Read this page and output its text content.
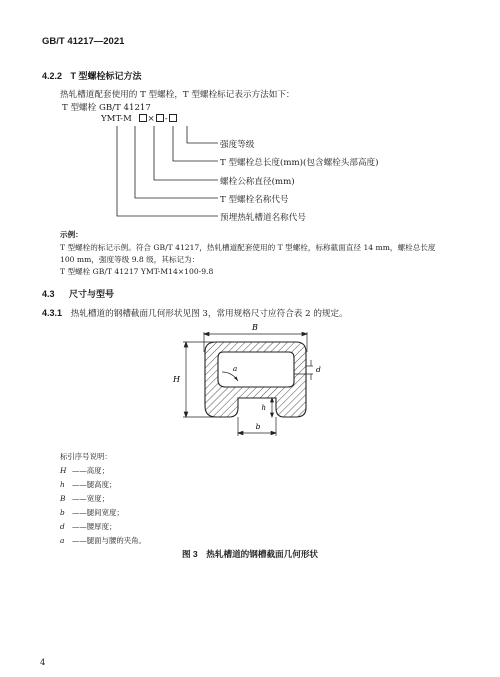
GB/T 41217—2021
4.2.2 T 型螺栓标记方法
热轧槽道配套使用的 T 型螺栓，T 型螺栓标记表示方法如下：
T 型螺栓 GB/T 41217
YMT-M × -
强度等级
T 型螺栓总长度(mm)(包含螺栓头部高度)
螺栓公称直径(mm)
T 型螺栓名称代号
预埋热轧槽道名称代号
示例：
T 型螺栓的标记示例。符合 GB/T 41217，热轧槽道配套使用的 T 型螺栓，标称截面直径 14 mm，螺栓总长度
100 mm，强度等级 9.8 级，其标记为：
T 型螺栓 GB/T 41217 YMT-M14×100-9.8
4.3 尺寸与型号
4.3.1 热轧槽道的钢槽截面几何形状见图 3，常用规格尺寸应符合表 2 的规定。
B
H
a	d
h
b
标引序号说明：
H ——高度；
h ——腿高度；
B ——宽度；
b ——腿间宽度；
d ——腰厚度；
a ——腿面与腰的夹角。
图 3　热轧槽道的钢槽截面几何形状
4
